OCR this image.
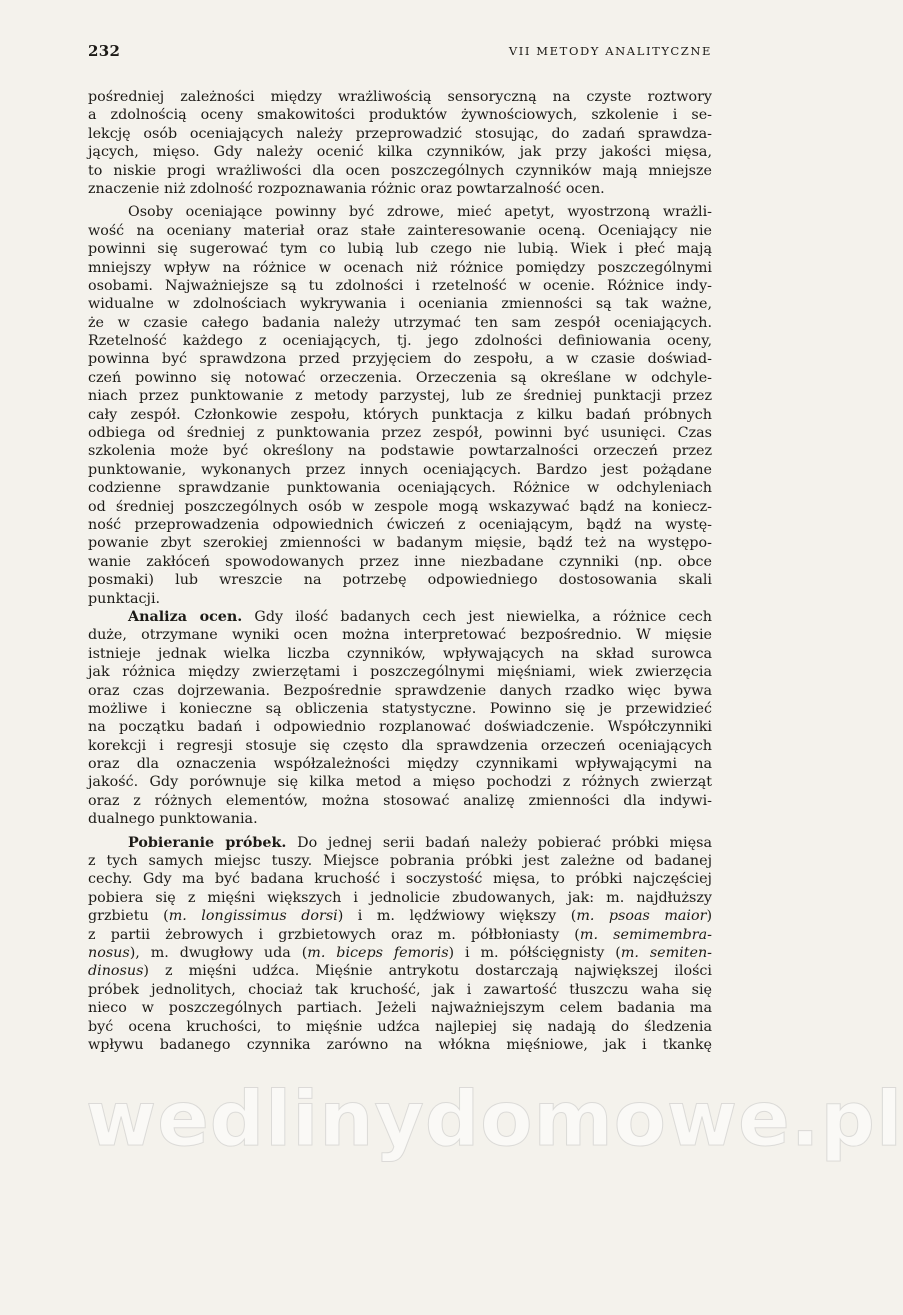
232	VII METODY ANALITYCZNE
pośredniej zależności między wrażliwością sensoryczną na czyste roztwory
a zdolnością oceny smakowitości produktów żywnościowych, szkolenie i se-
lekcję osób oceniających należy przeprowadzić stosując, do zadań sprawdza-
jących, mięso. Gdy należy ocenić kilka czynników, jak przy jakości mięsa,
to niskie progi wrażliwości dla ocen poszczególnych czynników mają mniejsze
znaczenie niż zdolność rozpoznawania różnic oraz powtarzalność ocen.
Osoby oceniające powinny być zdrowe, mieć apetyt, wyostrzoną wrażli-
wość na oceniany materiał oraz stałe zainteresowanie oceną. Oceniający nie
powinni się sugerować tym co lubią lub czego nie lubią. Wiek i płeć mają
mniejszy wpływ na różnice w ocenach niż różnice pomiędzy poszczególnymi
osobami. Najważniejsze są tu zdolności i rzetelność w ocenie. Różnice indy-
widualne w zdolnościach wykrywania i oceniania zmienności są tak ważne,
że w czasie całego badania należy utrzymać ten sam zespół oceniających.
Rzetelność każdego z oceniających, tj. jego zdolności definiowania oceny,
powinna być sprawdzona przed przyjęciem do zespołu, a w czasie doświad-
czeń powinno się notować orzeczenia. Orzeczenia są określane w odchyle-
niach przez punktowanie z metody parzystej, lub ze średniej punktacji przez
cały zespół. Członkowie zespołu, których punktacja z kilku badań próbnych
odbiega od średniej z punktowania przez zespół, powinni być usunięci. Czas
szkolenia może być określony na podstawie powtarzalności orzeczeń przez
punktowanie, wykonanych przez innych oceniających. Bardzo jest pożądane
codzienne sprawdzanie punktowania oceniających. Różnice w odchyleniach
od średniej poszczególnych osób w zespole mogą wskazywać bądź na koniecz-
ność przeprowadzenia odpowiednich ćwiczeń z oceniającym, bądź na wystę-
powanie zbyt szerokiej zmienności w badanym mięsie, bądź też na występo-
wanie zakłóceń spowodowanych przez inne niezbadane czynniki (np. obce
posmaki) lub wreszcie na potrzebę odpowiedniego dostosowania skali
punktacji.
Analiza ocen. Gdy ilość badanych cech jest niewielka, a różnice cech
duże, otrzymane wyniki ocen można interpretować bezpośrednio. W mięsie
istnieje jednak wielka liczba czynników, wpływających na skład surowca
jak różnica między zwierzętami i poszczególnymi mięśniami, wiek zwierzęcia
oraz czas dojrzewania. Bezpośrednie sprawdzenie danych rzadko więc bywa
możliwe i konieczne są obliczenia statystyczne. Powinno się je przewidzieć
na początku badań i odpowiednio rozplanować doświadczenie. Współczynniki
korekcji i regresji stosuje się często dla sprawdzenia orzeczeń oceniających
oraz dla oznaczenia współzależności między czynnikami wpływającymi na
jakość. Gdy porównuje się kilka metod a mięso pochodzi z różnych zwierząt
oraz z różnych elementów, można stosować analizę zmienności dla indywi-
dualnego punktowania.
Pobieranie próbek. Do jednej serii badań należy pobierać próbki mięsa
z tych samych miejsc tuszy. Miejsce pobrania próbki jest zależne od badanej
cechy. Gdy ma być badana kruchość i soczystość mięsa, to próbki najczęściej
pobiera się z mięśni większych i jednolicie zbudowanych, jak: m. najdłuższy
grzbietu (m. longissimus dorsi) i m. lędźwiowy większy (m. psoas maior)
z partii żebrowych i grzbietowych oraz m. półbłoniasty (m. semimembra-
nosus), m. dwugłowy uda (m. biceps femoris) i m. półścięgnisty (m. semiten-
dinosus) z mięśni udźca. Mięśnie antrykotu dostarczają największej ilości
próbek jednolitych, chociaż tak kruchość, jak i zawartość tłuszczu waha się
nieco w poszczególnych partiach. Jeżeli najważniejszym celem badania ma
być ocena kruchości, to mięśnie udźca najlepiej się nadają do śledzenia
wpływu badanego czynnika zarówno na włókna mięśniowe, jak i tkankę
wedlinydomowe.pl
